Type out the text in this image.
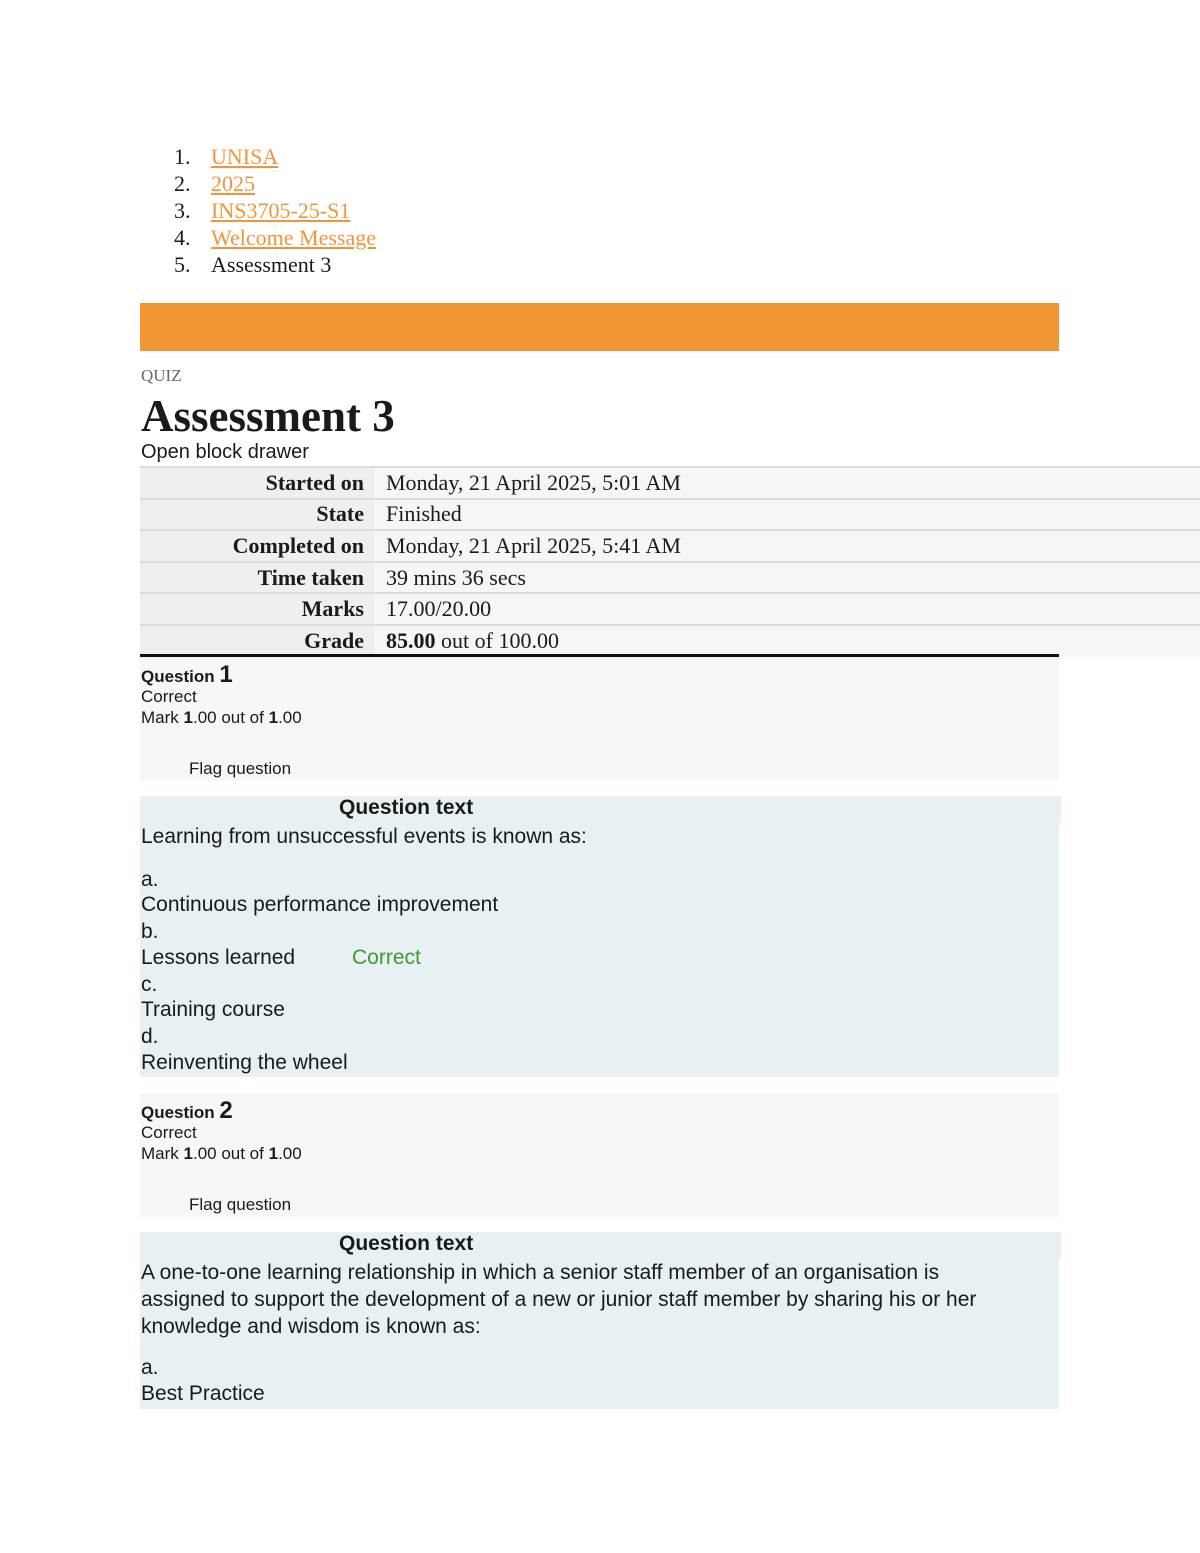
1. UNISA
2. 2025
3. INS3705-25-S1
4. Welcome Message
5. Assessment 3
QUIZ
Assessment 3
Open block drawer
Started on	Monday, 21 April 2025, 5:01 AM
State	Finished
Completed on	Monday, 21 April 2025, 5:41 AM
Time taken	39 mins 36 secs
Marks	17.00/20.00
Grade	85.00 out of 100.00
Question 1
Correct
Mark 1.00 out of 1.00
Flag question
Question text
Learning from unsuccessful events is known as:
a.
Continuous performance improvement
b.
Lessons learned	Correct
c.
Training course
d.
Reinventing the wheel
Question 2
Correct
Mark 1.00 out of 1.00
Flag question
Question text
A one-to-one learning relationship in which a senior staff member of an organisation is
assigned to support the development of a new or junior staff member by sharing his or her
knowledge and wisdom is known as:
a.
Best Practice
